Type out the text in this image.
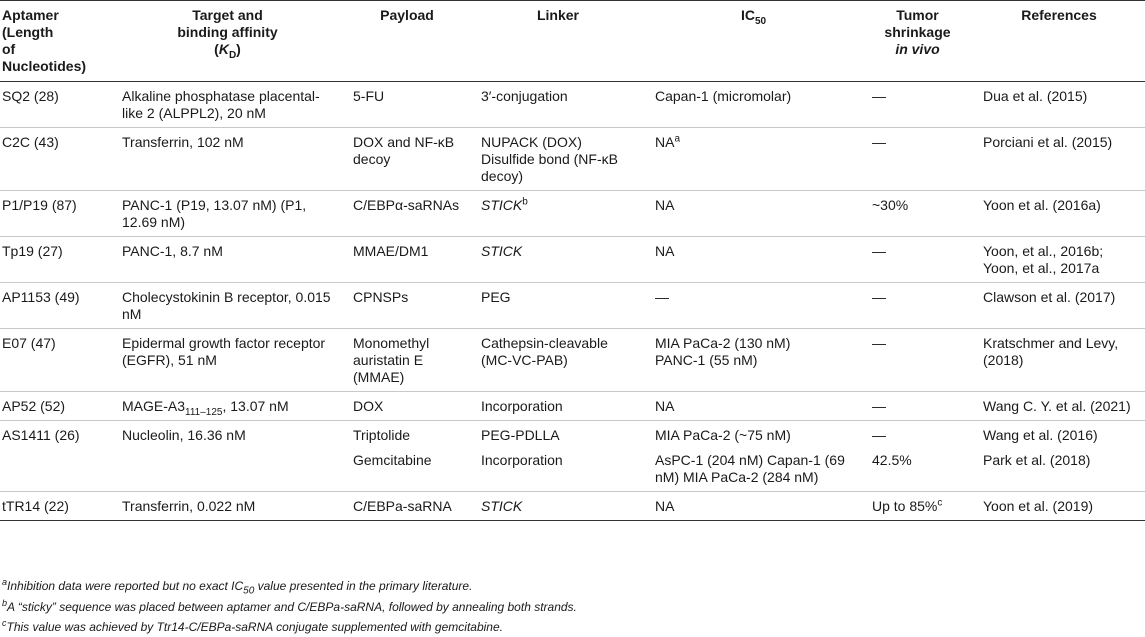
Aptamer
(Length
of
Nucleotides)	Target and
binding affinity
$(K_D)$	Payload	Linker	$IC_{50}$	Tumor
shrinkage
in vivo	References
SQ2 (28)	Alkaline phosphatase placental-like 2 (ALPPL2), 20 nM	5-FU	3′-conjugation	Capan-1 (micromolar)	—	Dua et al. (2015)
C2C (43)	Transferrin, 102 nM	DOX and NF-κB decoy	NUPACK (DOX)
Disulfide bond (NF-κB decoy)	$NA^a$	—	Porciani et al. (2015)
P1/P19 (87)	PANC-1 (P19, 13.07 nM) (P1, 12.69 nM)	C/EBPα-saRNAs	STICK$^b$	NA	~30%	Yoon et al. (2016a)
Tp19 (27)	PANC-1, 8.7 nM	MMAE/DM1	STICK	NA	—	Yoon, et al., 2016b;
Yoon, et al., 2017a
AP1153 (49)	Cholecystokinin B receptor, 0.015 nM	CPNSPs	PEG	—	—	Clawson et al. (2017)
E07 (47)	Epidermal growth factor receptor (EGFR), 51 nM	Monomethyl auristatin E (MMAE)	Cathepsin-cleavable (MC-VC-PAB)	MIA PaCa-2 (130 nM)
PANC-1 (55 nM)	—	Kratschmer and Levy, (2018)
AP52 (52)	MAGE-$A3_{111-125}$, 13.07 nM	DOX	Incorporation	NA	—	Wang C. Y. et al. (2021)
AS1411 (26)	Nucleolin, 16.36 nM	Triptolide	PEG-PDLLA	MIA PaCa-2 (~75 nM)	—	Wang et al. (2016)
		Gemcitabine	Incorporation	AsPC-1 (204 nM) Capan-1 (69 nM) MIA PaCa-2 (284 nM)	42.5%	Park et al. (2018)
tTR14 (22)	Transferrin, 0.022 nM	C/EBPa-saRNA	STICK	NA	Up to 85%$^c$	Yoon et al. (2019)
$^a$Inhibition data were reported but no exact $IC_{50}$ value presented in the primary literature.
$^b$A “sticky” sequence was placed between aptamer and C/EBPa-saRNA, followed by annealing both strands.
$^c$This value was achieved by Ttr14-C/EBPa-saRNA conjugate supplemented with gemcitabine.
